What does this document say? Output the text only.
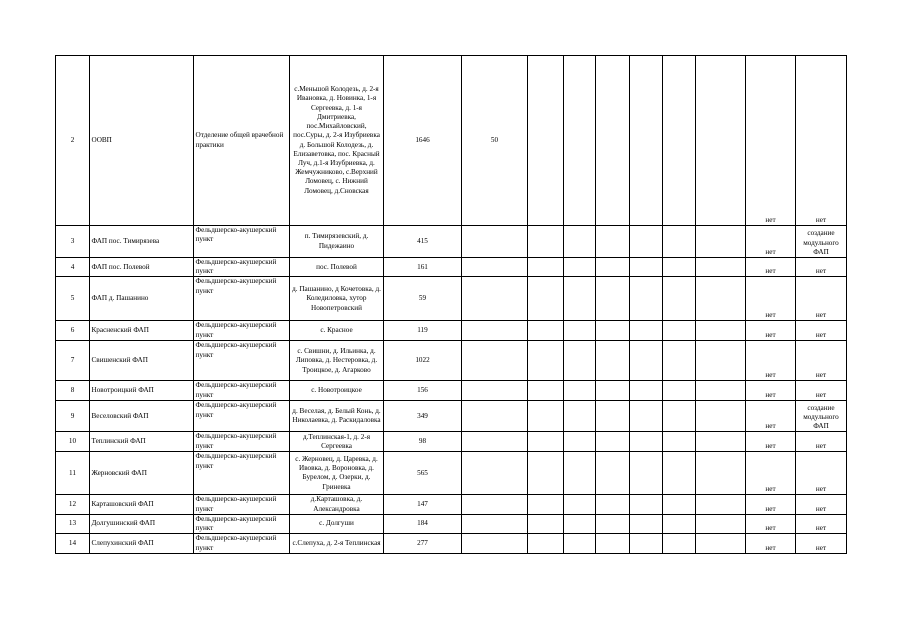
2	ООВП	Отделение общей врачебной практики	с.Меньшой Колодезь, д. 2-я Ивановка, д. Новинка, 1-я Сергеевка, д. 1-я Дмитриевка, пос.Михайловский, пос.Суры, д. 2-я Изубриевка д. Большой Колодезь, д. Елизаветовка, пос. Красный Луч, д.1-я Изубриевка, д. Жемчужниково, с.Верхний Ломовец, с. Нижний Ломовец, д.Сновская	1646	50							нет	нет
3	ФАП пос. Тимирязева	Фельдшерско-акушерский пункт	п. Тимирязевский, д. Пидежаино	415								нет	создание модульного ФАП
4	ФАП пос. Полевой	Фельдшерско-акушерский пункт	пос. Полевой	161								нет	нет
5	ФАП д. Пашанино	Фельдшерско-акушерский пункт	д. Пашанино, д Кочетовка, д. Коледиловка, хутор Новопетровский	59								нет	нет
6	Красненский ФАП	Фельдшерско-акушерский пункт	с. Красное	119								нет	нет
7	Свишенский ФАП	Фельдшерско-акушерский пункт	с. Свишни, д. Ильинка, д. Липовка, д. Нестеровка, д. Троицкое, д. Агарково	1022								нет	нет
8	Новотроицкий ФАП	Фельдшерско-акушерский пункт	с. Новотроицкое	156								нет	нет
9	Веселовский ФАП	Фельдшерско-акушерский пункт	д. Веселая, д. Белый Конь, д. Николаевка, д. Раскидаловка	349								нет	создание модульного ФАП
10	Теплинский ФАП	Фельдшерско-акушерский пункт	д.Теплинская-1, д. 2-я Сергеевка	98								нет	нет
11	Жерновский ФАП	Фельдшерско-акушерский пункт	с. Жерновец, д. Царевка, д. Ивовка, д. Вороновка, д. Бурелом, д. Озерки, д. Гриневка	565								нет	нет
12	Карташовский ФАП	Фельдшерско-акушерский пункт	д.Карташовка, д. Александровка	147								нет	нет
13	Долгушинский ФАП	Фельдшерско-акушерский пункт	с. Долгуши	184								нет	нет
14	Слепухинский ФАП	Фельдшерско-акушерский пункт	с.Слепуха, д. 2-я Теплинская	277								нет	нет
